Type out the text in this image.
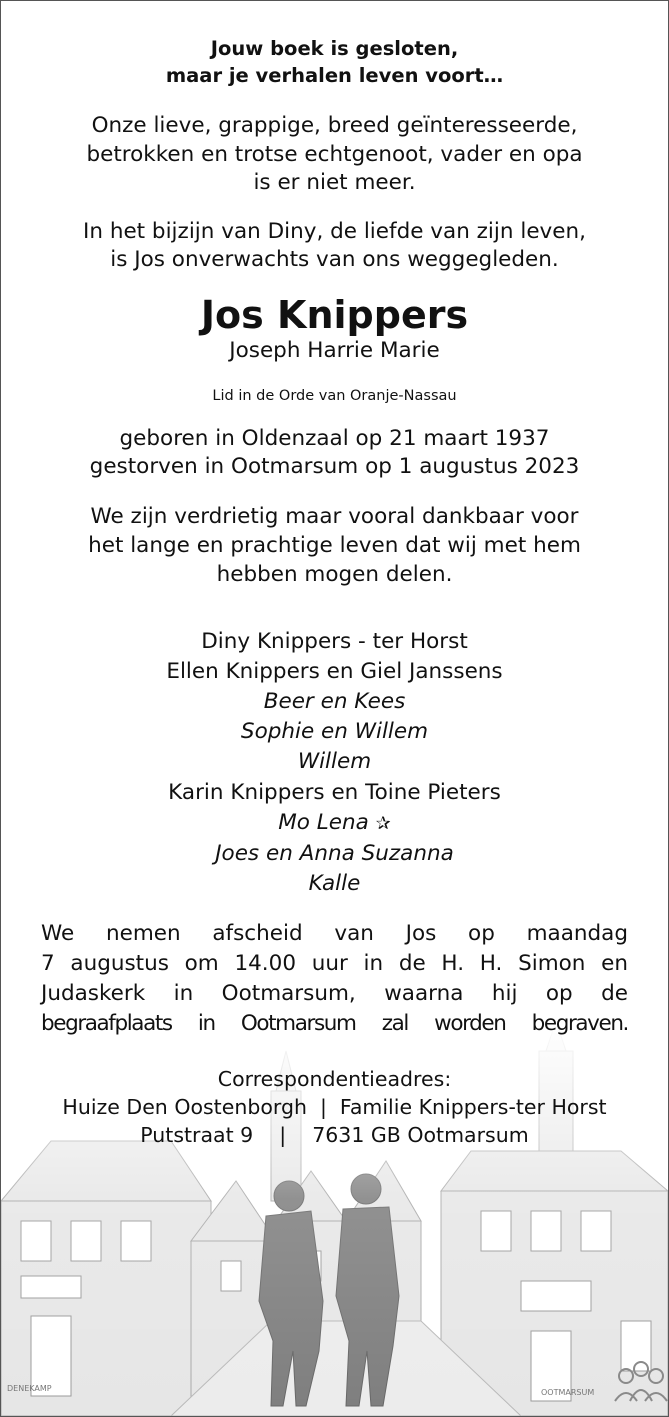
DENEKAMP	OOTMARSUM
Jouw boek is gesloten,
maar je verhalen leven voort…
Onze lieve, grappige, breed geïnteresseerde,
betrokken en trotse echtgenoot, vader en opa
is er niet meer.
In het bijzijn van Diny, de liefde van zijn leven,
is Jos onverwachts van ons weggegleden.
Jos Knippers
Joseph Harrie Marie
Lid in de Orde van Oranje-Nassau
geboren in Oldenzaal op 21 maart 1937
gestorven in Ootmarsum op 1 augustus 2023
We zijn verdrietig maar vooral dankbaar voor
het lange en prachtige leven dat wij met hem
hebben mogen delen.
Diny Knippers - ter Horst
Ellen Knippers en Giel Janssens
Beer en Kees
Sophie en Willem
Willem
Karin Knippers en Toine Pieters
Mo Lena ✰
Joes en Anna Suzanna
Kalle
We nemen afscheid van Jos op maandag
7 augustus om 14.00 uur in de H. H. Simon en
Judaskerk in Ootmarsum, waarna hij op de
begraafplaats in Ootmarsum zal worden begraven.
Correspondentieadres:
Huize Den Oostenborgh  |  Familie Knippers-ter Horst
Putstraat 9    |    7631 GB Ootmarsum
